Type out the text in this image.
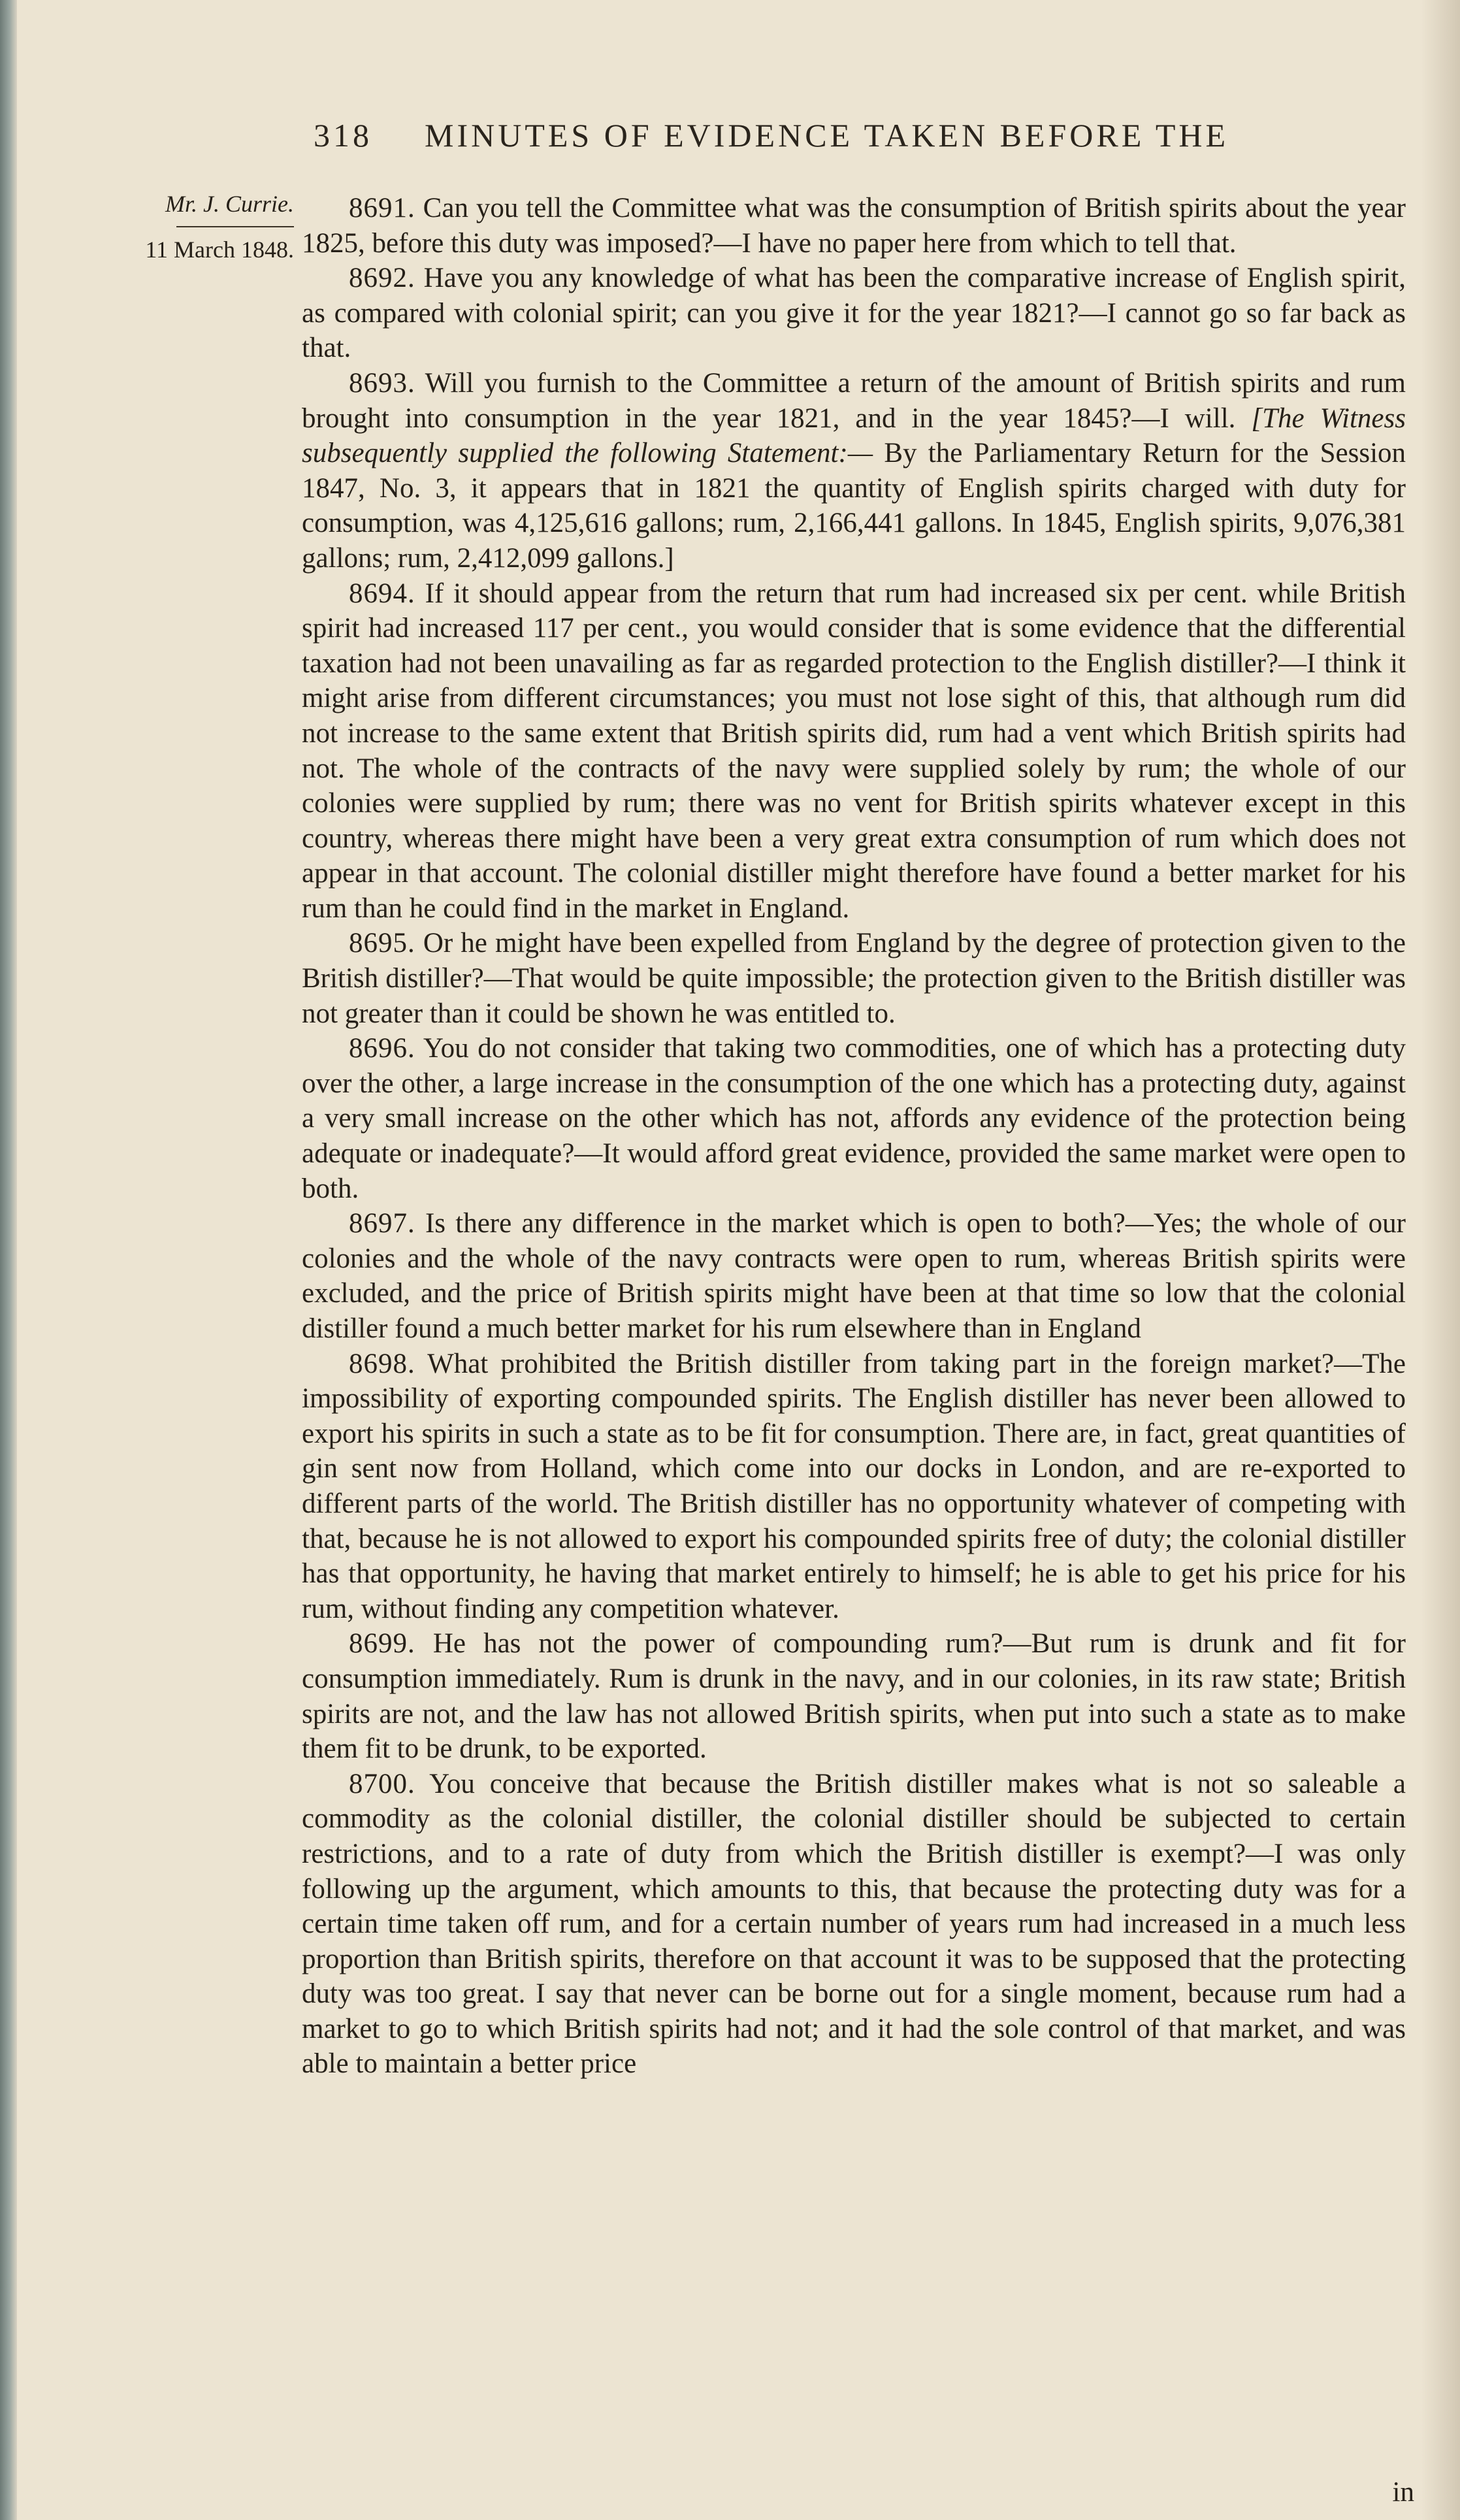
318 MINUTES OF EVIDENCE TAKEN BEFORE THE
Mr. J. Currie.
11 March 1848.

8691. Can you tell the Committee what was the consumption of British spirits about the year 1825, before this duty was imposed?—I have no paper here from which to tell that.

8692. Have you any knowledge of what has been the comparative increase of English spirit, as compared with colonial spirit; can you give it for the year 1821?—I cannot go so far back as that.

8693. Will you furnish to the Committee a return of the amount of British spirits and rum brought into consumption in the year 1821, and in the year 1845?—I will. [The Witness subsequently supplied the following Statement:— By the Parliamentary Return for the Session 1847, No. 3, it appears that in 1821 the quantity of English spirits charged with duty for consumption, was 4,125,616 gallons; rum, 2,166,441 gallons. In 1845, English spirits, 9,076,381 gallons; rum, 2,412,099 gallons.]

8694. If it should appear from the return that rum had increased six per cent. while British spirit had increased 117 per cent., you would consider that is some evidence that the differential taxation had not been unavailing as far as regarded protection to the English distiller?—I think it might arise from different circumstances; you must not lose sight of this, that although rum did not increase to the same extent that British spirits did, rum had a vent which British spirits had not. The whole of the contracts of the navy were supplied solely by rum; the whole of our colonies were supplied by rum; there was no vent for British spirits whatever except in this country, whereas there might have been a very great extra consumption of rum which does not appear in that account. The colonial distiller might therefore have found a better market for his rum than he could find in the market in England.

8695. Or he might have been expelled from England by the degree of protection given to the British distiller?—That would be quite impossible; the protection given to the British distiller was not greater than it could be shown he was entitled to.

8696. You do not consider that taking two commodities, one of which has a protecting duty over the other, a large increase in the consumption of the one which has a protecting duty, against a very small increase on the other which has not, affords any evidence of the protection being adequate or inadequate?—It would afford great evidence, provided the same market were open to both.

8697. Is there any difference in the market which is open to both?—Yes; the whole of our colonies and the whole of the navy contracts were open to rum, whereas British spirits were excluded, and the price of British spirits might have been at that time so low that the colonial distiller found a much better market for his rum elsewhere than in England

8698. What prohibited the British distiller from taking part in the foreign market?—The impossibility of exporting compounded spirits. The English distiller has never been allowed to export his spirits in such a state as to be fit for consumption. There are, in fact, great quantities of gin sent now from Holland, which come into our docks in London, and are re-exported to different parts of the world. The British distiller has no opportunity whatever of competing with that, because he is not allowed to export his compounded spirits free of duty; the colonial distiller has that opportunity, he having that market entirely to himself; he is able to get his price for his rum, without finding any competition whatever.

8699. He has not the power of compounding rum?—But rum is drunk and fit for consumption immediately. Rum is drunk in the navy, and in our colonies, in its raw state; British spirits are not, and the law has not allowed British spirits, when put into such a state as to make them fit to be drunk, to be exported.

8700. You conceive that because the British distiller makes what is not so saleable a commodity as the colonial distiller, the colonial distiller should be subjected to certain restrictions, and to a rate of duty from which the British distiller is exempt?—I was only following up the argument, which amounts to this, that because the protecting duty was for a certain time taken off rum, and for a certain number of years rum had increased in a much less proportion than British spirits, therefore on that account it was to be supposed that the protecting duty was too great. I say that never can be borne out for a single moment, because rum had a market to go to which British spirits had not; and it had the sole control of that market, and was able to maintain a better price

in
